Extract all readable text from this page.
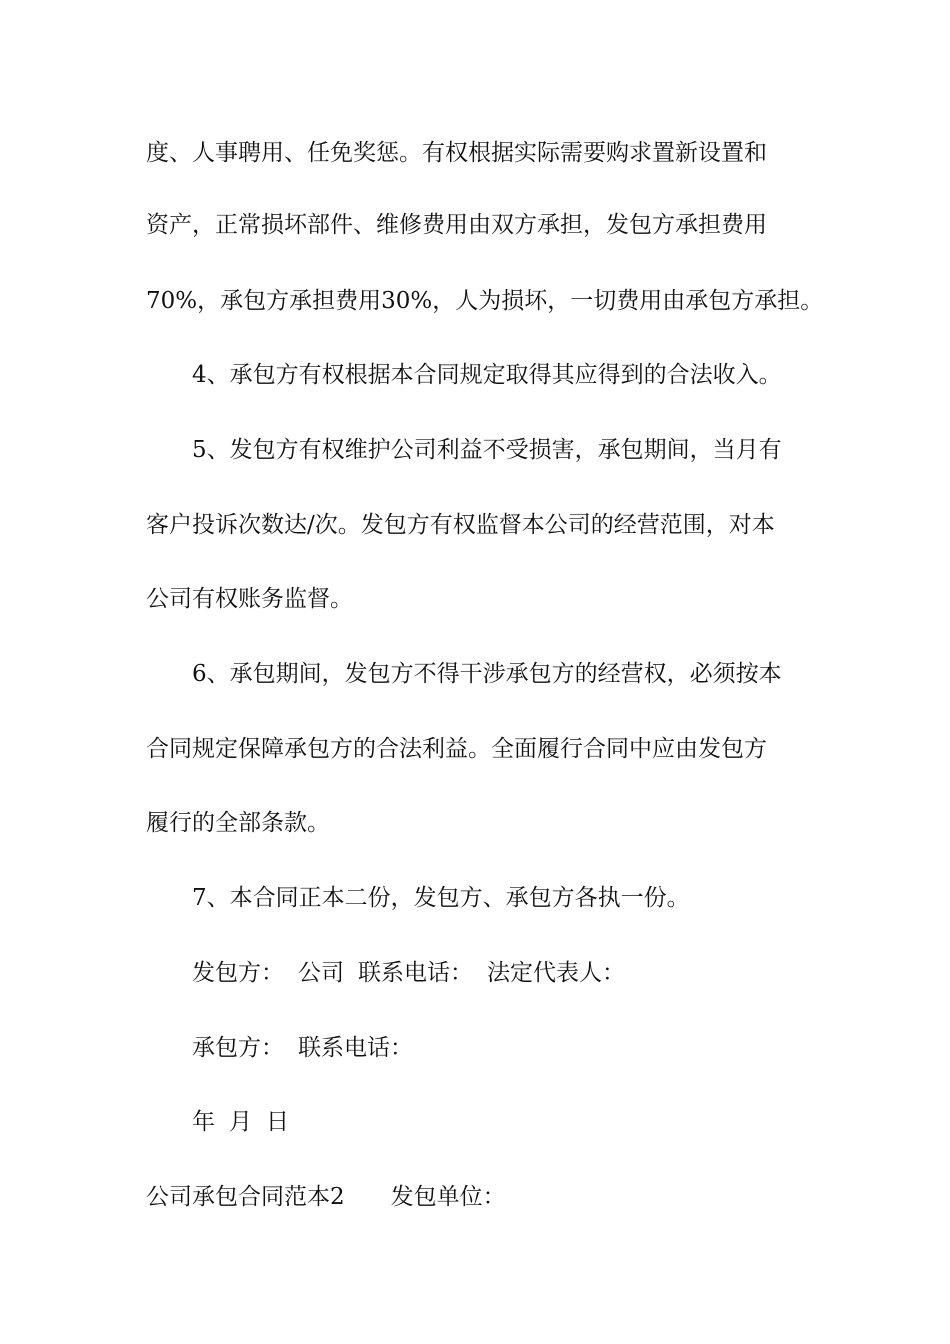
度、人事聘用、任免奖惩。有权根据实际需要购求置新设置和
资产，正常损坏部件、维修费用由双方承担，发包方承担费用
70%，承包方承担费用30%，人为损坏，一切费用由承包方承担。
4、承包方有权根据本合同规定取得其应得到的合法收入。
5、发包方有权维护公司利益不受损害，承包期间，当月有
客户投诉次数达/次。发包方有权监督本公司的经营范围，对本
公司有权账务监督。
6、承包期间，发包方不得干涉承包方的经营权，必须按本
合同规定保障承包方的合法利益。全面履行合同中应由发包方
履行的全部条款。
7、本合同正本二份，发包方、承包方各执一份。
发包方： 公司 联系电话： 法定代表人：
承包方： 联系电话：
年 月 日
公司承包合同范本2 发包单位：
